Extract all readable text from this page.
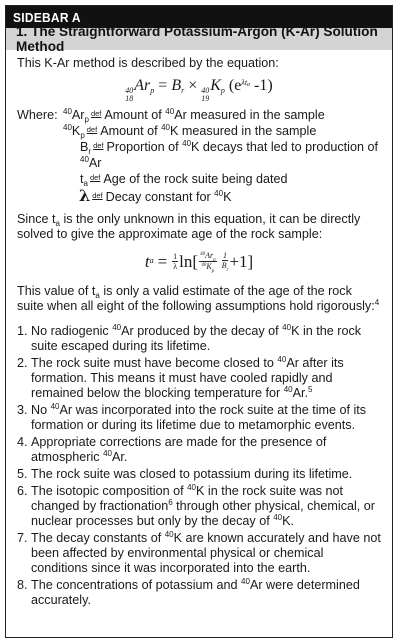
SIDEBAR A
1. The Straightforward Potassium-Argon (K-Ar) Solution Method

This K-Ar method is described by the equation:

40
18
$Ar_p = B_r \times 40$
19
$K_p$ ($e^{\lambda ta}$ -1)
Where: $^{40}Ar_p^{def}$ Amount of $^{40}$Ar measured in the sample
$^{40}K_p^{def}$ Amount of $^{40}$K measured in the sample
$B_r^{def}$ Proportion of $^{40}$K decays that led to production of $^{40}$Ar
$t_a^{def}$ Age of the rock suite being dated
λ $^{def}$ Decay constant for $^{40}$K

Since $t_a$ is the only unknown in this equation, it can be directly solved to give the approximate age of the rock sample:

t $a = \frac{1}{\lambda} \ln[ \frac{^{40}Ar_p}{^{40}K_p} \frac{1}{B_r} +1]$

This value of $t_a$ is only a valid estimate of the age of the rock suite when all eight of the following assumptions hold rigorously:$^4$

1. No radiogenic $^{40}$Ar produced by the decay of $^{40}$K in the rock suite escaped during its lifetime.
2. The rock suite must have become closed to $^{40}$Ar after its formation. This means it must have cooled rapidly and remained below the blocking temperature for $^{40}$Ar.$^5$
3. No $^{40}$Ar was incorporated into the rock suite at the time of its formation or during its lifetime due to metamorphic events.
4. Appropriate corrections are made for the presence of atmospheric $^{40}$Ar.
5. The rock suite was closed to potassium during its lifetime.
6. The isotopic composition of $^{40}$K in the rock suite was not changed by fractionation$^6$ through other physical, chemical, or nuclear processes but only by the decay of $^{40}$K.
7. The decay constants of $^{40}$K are known accurately and have not been affected by environmental physical or chemical conditions since it was incorporated into the earth.
8. The concentrations of potassium and $^{40}$Ar were determined accurately.
